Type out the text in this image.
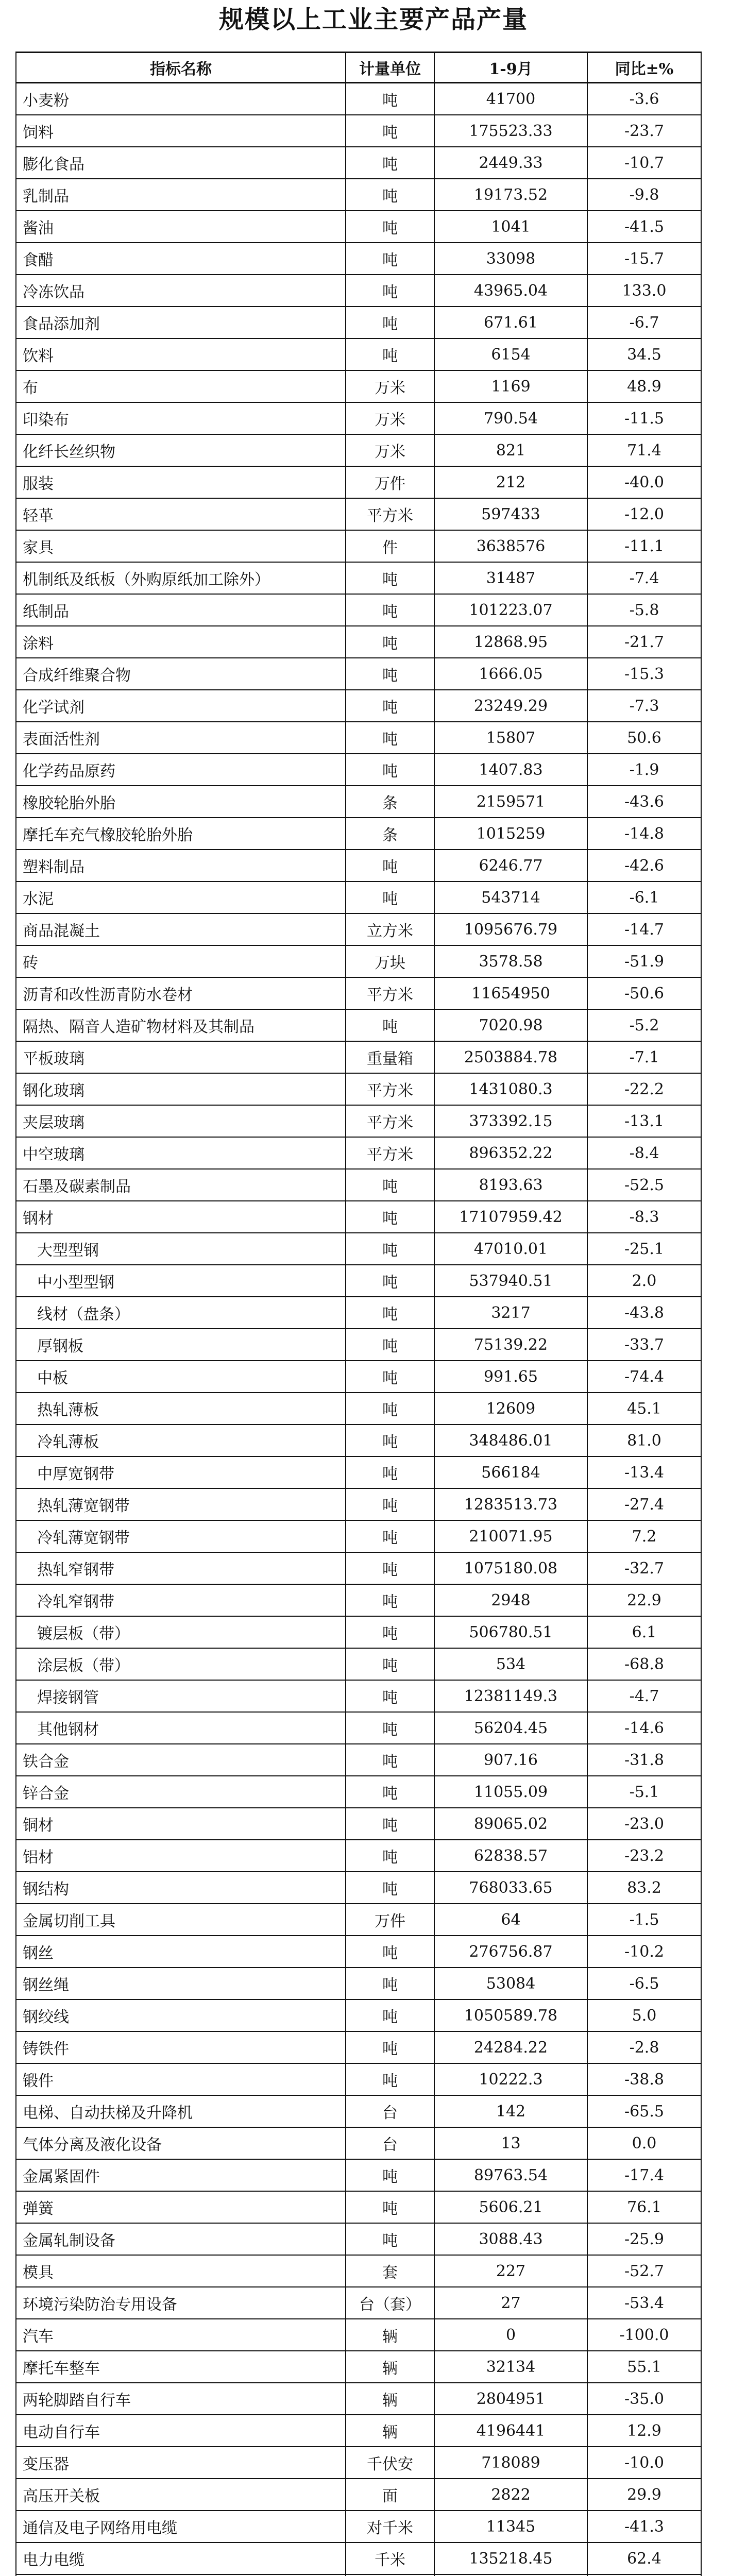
规模以上工业主要产品产量
指标名称	计量单位	1-9月	同比±%
小麦粉	吨	41700	-3.6
饲料	吨	175523.33	-23.7
膨化食品	吨	2449.33	-10.7
乳制品	吨	19173.52	-9.8
酱油	吨	1041	-41.5
食醋	吨	33098	-15.7
冷冻饮品	吨	43965.04	133.0
食品添加剂	吨	671.61	-6.7
饮料	吨	6154	34.5
布	万米	1169	48.9
印染布	万米	790.54	-11.5
化纤长丝织物	万米	821	71.4
服装	万件	212	-40.0
轻革	平方米	597433	-12.0
家具	件	3638576	-11.1
机制纸及纸板（外购原纸加工除外）	吨	31487	-7.4
纸制品	吨	101223.07	-5.8
涂料	吨	12868.95	-21.7
合成纤维聚合物	吨	1666.05	-15.3
化学试剂	吨	23249.29	-7.3
表面活性剂	吨	15807	50.6
化学药品原药	吨	1407.83	-1.9
橡胶轮胎外胎	条	2159571	-43.6
摩托车充气橡胶轮胎外胎	条	1015259	-14.8
塑料制品	吨	6246.77	-42.6
水泥	吨	543714	-6.1
商品混凝土	立方米	1095676.79	-14.7
砖	万块	3578.58	-51.9
沥青和改性沥青防水卷材	平方米	11654950	-50.6
隔热、隔音人造矿物材料及其制品	吨	7020.98	-5.2
平板玻璃	重量箱	2503884.78	-7.1
钢化玻璃	平方米	1431080.3	-22.2
夹层玻璃	平方米	373392.15	-13.1
中空玻璃	平方米	896352.22	-8.4
石墨及碳素制品	吨	8193.63	-52.5
钢材	吨	17107959.42	-8.3
大型型钢	吨	47010.01	-25.1
中小型型钢	吨	537940.51	2.0
线材（盘条）	吨	3217	-43.8
厚钢板	吨	75139.22	-33.7
中板	吨	991.65	-74.4
热轧薄板	吨	12609	45.1
冷轧薄板	吨	348486.01	81.0
中厚宽钢带	吨	566184	-13.4
热轧薄宽钢带	吨	1283513.73	-27.4
冷轧薄宽钢带	吨	210071.95	7.2
热轧窄钢带	吨	1075180.08	-32.7
冷轧窄钢带	吨	2948	22.9
镀层板（带）	吨	506780.51	6.1
涂层板（带）	吨	534	-68.8
焊接钢管	吨	12381149.3	-4.7
其他钢材	吨	56204.45	-14.6
铁合金	吨	907.16	-31.8
锌合金	吨	11055.09	-5.1
铜材	吨	89065.02	-23.0
铝材	吨	62838.57	-23.2
钢结构	吨	768033.65	83.2
金属切削工具	万件	64	-1.5
钢丝	吨	276756.87	-10.2
钢丝绳	吨	53084	-6.5
钢绞线	吨	1050589.78	5.0
铸铁件	吨	24284.22	-2.8
锻件	吨	10222.3	-38.8
电梯、自动扶梯及升降机	台	142	-65.5
气体分离及液化设备	台	13	0.0
金属紧固件	吨	89763.54	-17.4
弹簧	吨	5606.21	76.1
金属轧制设备	吨	3088.43	-25.9
模具	套	227	-52.7
环境污染防治专用设备	台（套）	27	-53.4
汽车	辆	0	-100.0
摩托车整车	辆	32134	55.1
两轮脚踏自行车	辆	2804951	-35.0
电动自行车	辆	4196441	12.9
变压器	千伏安	718089	-10.0
高压开关板	面	2822	29.9
通信及电子网络用电缆	对千米	11345	-41.3
电力电缆	千米	135218.45	62.4
